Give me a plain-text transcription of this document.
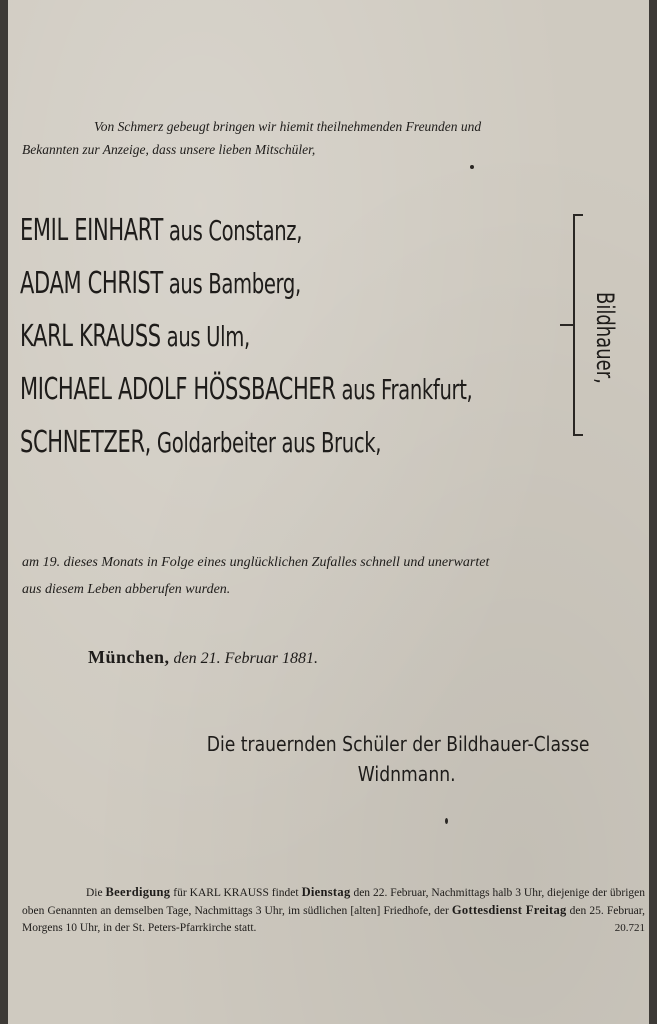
Von Schmerz gebeugt bringen wir hiemit theilnehmenden Freunden und
Bekannten zur Anzeige, dass unsere lieben Mitschüler,
EMIL EINHART aus Constanz,
ADAM CHRIST aus Bamberg,
KARL KRAUSS aus Ulm,
MICHAEL ADOLF HÖSSBACHER aus Frankfurt,
SCHNETZER, Goldarbeiter aus Bruck,
Bildhauer,
am 19. dieses Monats in Folge eines unglücklichen Zufalles schnell und unerwartet
aus diesem Leben abberufen wurden.
München, den 21. Februar 1881.
Die trauernden Schüler der Bildhauer-Classe
Widnmann.
Die Beerdigung für KARL KRAUSS findet Dienstag den 22. Februar, Nachmittags halb 3 Uhr, diejenige der übrigen oben Genannten an demselben Tage, Nachmittags 3 Uhr, im südlichen [alten] Friedhofe, der Gottesdienst Freitag den 25. Februar, Morgens 10 Uhr, in der St. Peters-Pfarrkirche statt.	20.721
